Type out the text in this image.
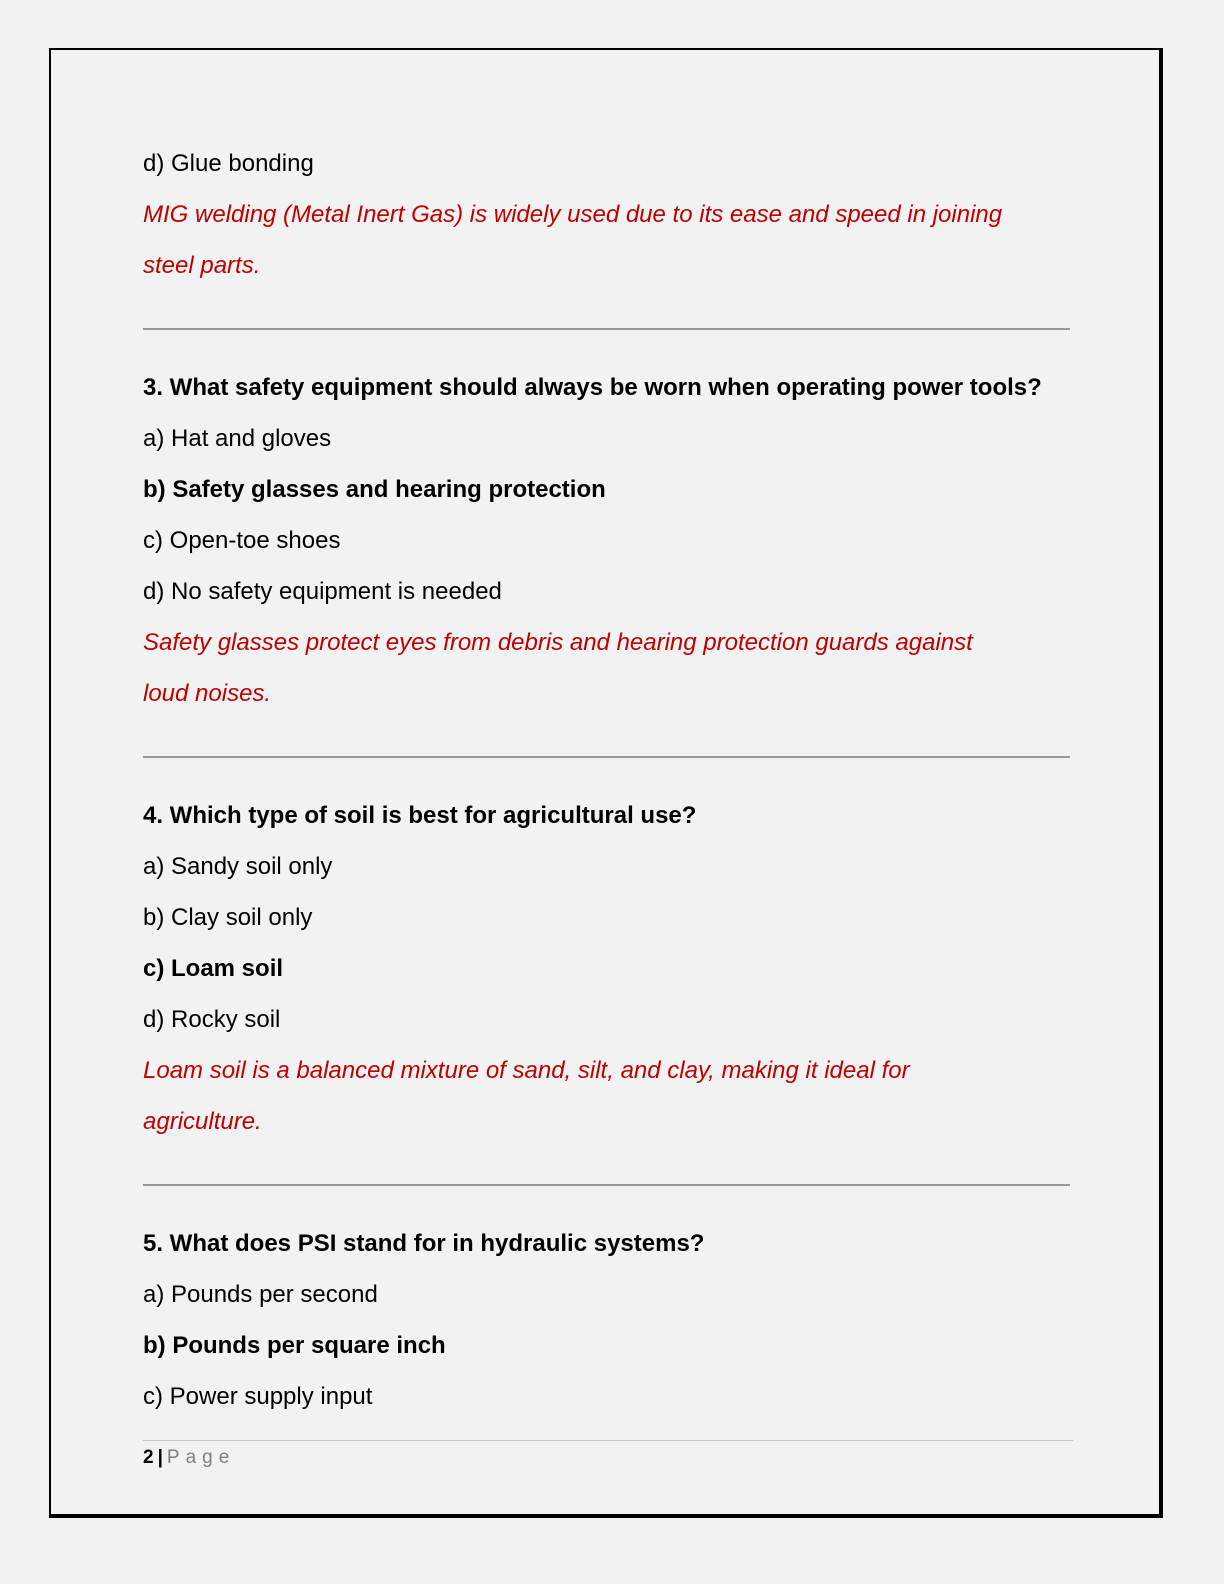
d) Glue bonding
MIG welding (Metal Inert Gas) is widely used due to its ease and speed in joining
steel parts.
3. What safety equipment should always be worn when operating power tools?
a) Hat and gloves
b) Safety glasses and hearing protection
c) Open-toe shoes
d) No safety equipment is needed
Safety glasses protect eyes from debris and hearing protection guards against
loud noises.
4. Which type of soil is best for agricultural use?
a) Sandy soil only
b) Clay soil only
c) Loam soil
d) Rocky soil
Loam soil is a balanced mixture of sand, silt, and clay, making it ideal for
agriculture.
5. What does PSI stand for in hydraulic systems?
a) Pounds per second
b) Pounds per square inch
c) Power supply input
2 | Page
